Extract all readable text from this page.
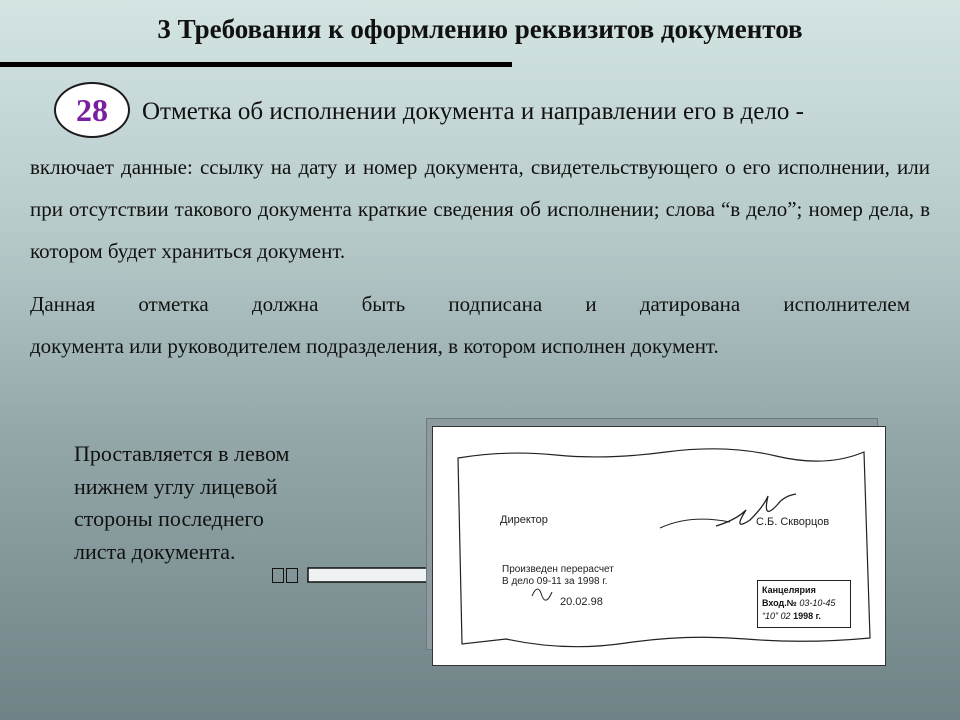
3 Требования к оформлению реквизитов документов
28 Отметка об исполнении документа и направлении его в дело -
включает данные: ссылку на дату и номер документа, свидетельствующего о его исполнении, или при отсутствии такового документа краткие сведения об исполнении; слова “в дело”; номер дела, в котором будет храниться документ.
Данная отметка должна быть подписана и датирована исполнителем
документа или руководителем подразделения, в котором исполнен документ.
Проставляется в левом нижнем углу лицевой стороны последнего листа документа.
Директор	С.Б. Скворцов
Произведен перерасчет
В дело 09-11 за 1998 г.
20.02.98
Канцелярия
Вход.№ 03-10-45
“10” 02 1998 г.
